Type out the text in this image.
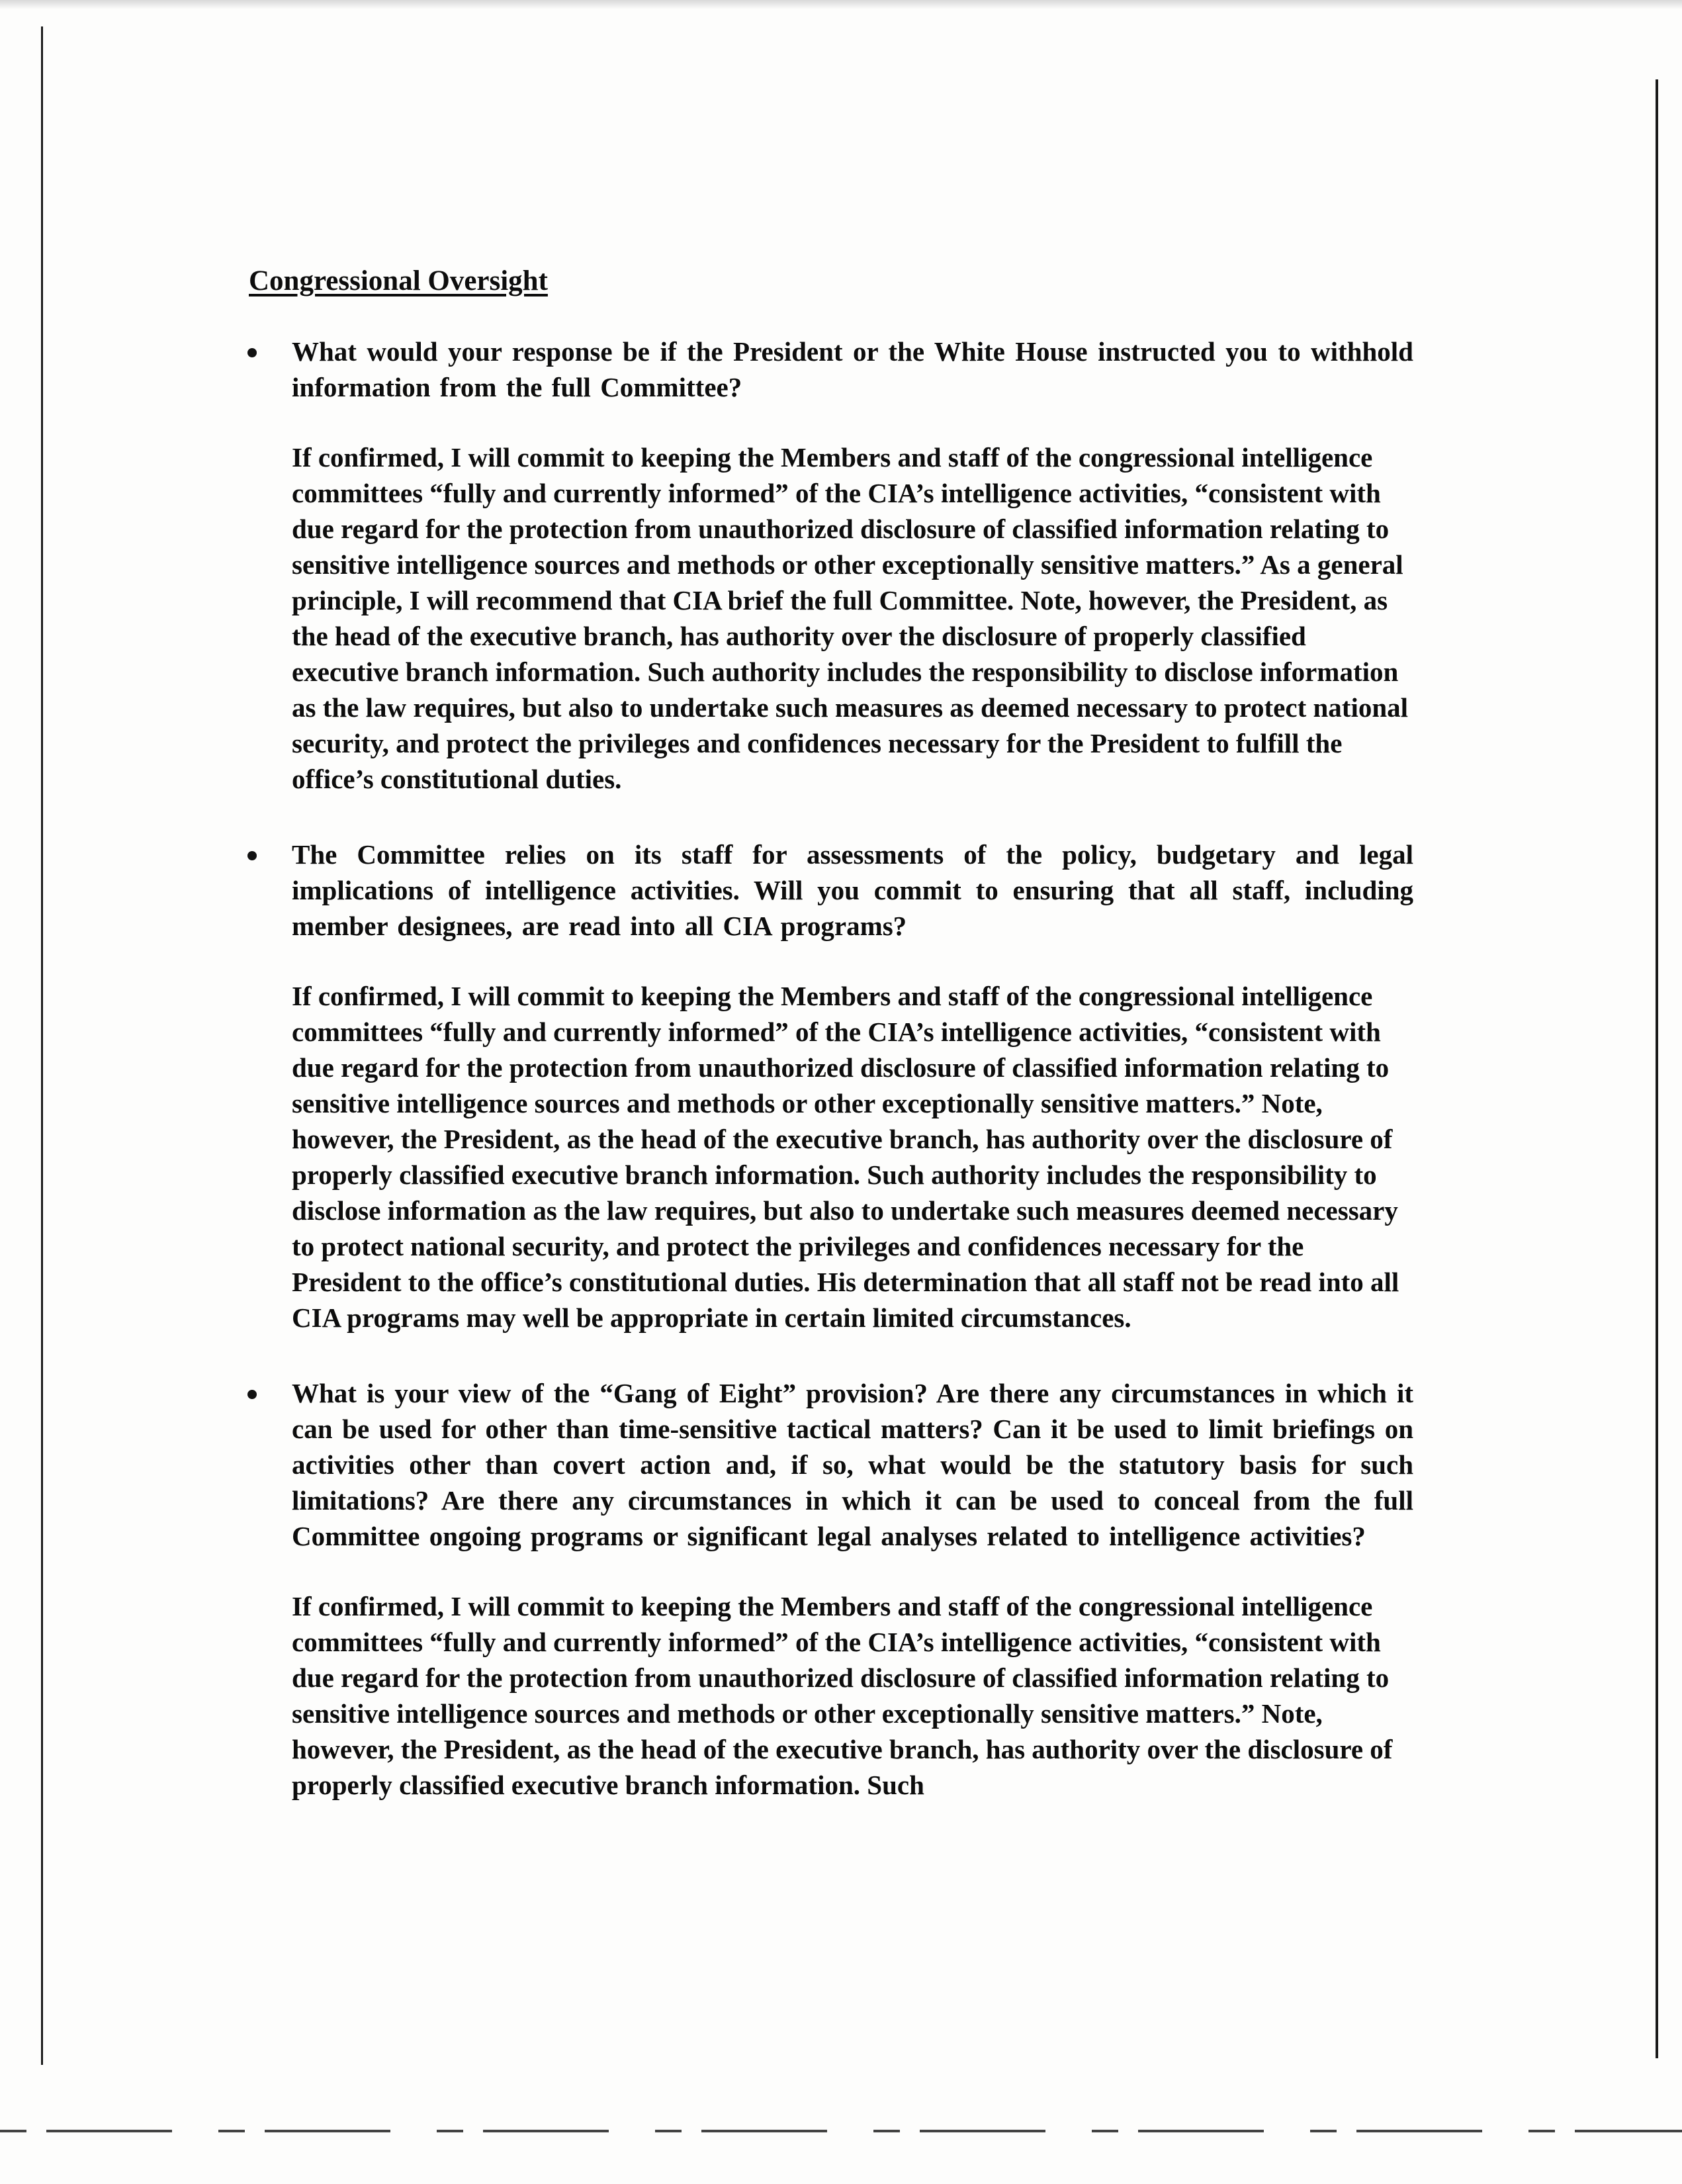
Congressional Oversight

What would your response be if the President or the White House instructed you to withhold information from the full Committee?

If confirmed, I will commit to keeping the Members and staff of the congressional intelligence committees “fully and currently informed” of the CIA’s intelligence activities, “consistent with due regard for the protection from unauthorized disclosure of classified information relating to sensitive intelligence sources and methods or other exceptionally sensitive matters.” As a general principle, I will recommend that CIA brief the full Committee. Note, however, the President, as the head of the executive branch, has authority over the disclosure of properly classified executive branch information. Such authority includes the responsibility to disclose information as the law requires, but also to undertake such measures as deemed necessary to protect national security, and protect the privileges and confidences necessary for the President to fulfill the office’s constitutional duties.

The Committee relies on its staff for assessments of the policy, budgetary and legal implications of intelligence activities. Will you commit to ensuring that all staff, including member designees, are read into all CIA programs?

If confirmed, I will commit to keeping the Members and staff of the congressional intelligence committees “fully and currently informed” of the CIA’s intelligence activities, “consistent with due regard for the protection from unauthorized disclosure of classified information relating to sensitive intelligence sources and methods or other exceptionally sensitive matters.” Note, however, the President, as the head of the executive branch, has authority over the disclosure of properly classified executive branch information. Such authority includes the responsibility to disclose information as the law requires, but also to undertake such measures deemed necessary to protect national security, and protect the privileges and confidences necessary for the President to the office’s constitutional duties. His determination that all staff not be read into all CIA programs may well be appropriate in certain limited circumstances.

What is your view of the “Gang of Eight” provision? Are there any circumstances in which it can be used for other than time-sensitive tactical matters? Can it be used to limit briefings on activities other than covert action and, if so, what would be the statutory basis for such limitations? Are there any circumstances in which it can be used to conceal from the full Committee ongoing programs or significant legal analyses related to intelligence activities?

If confirmed, I will commit to keeping the Members and staff of the congressional intelligence committees “fully and currently informed” of the CIA’s intelligence activities, “consistent with due regard for the protection from unauthorized disclosure of classified information relating to sensitive intelligence sources and methods or other exceptionally sensitive matters.” Note, however, the President, as the head of the executive branch, has authority over the disclosure of properly classified executive branch information. Such
